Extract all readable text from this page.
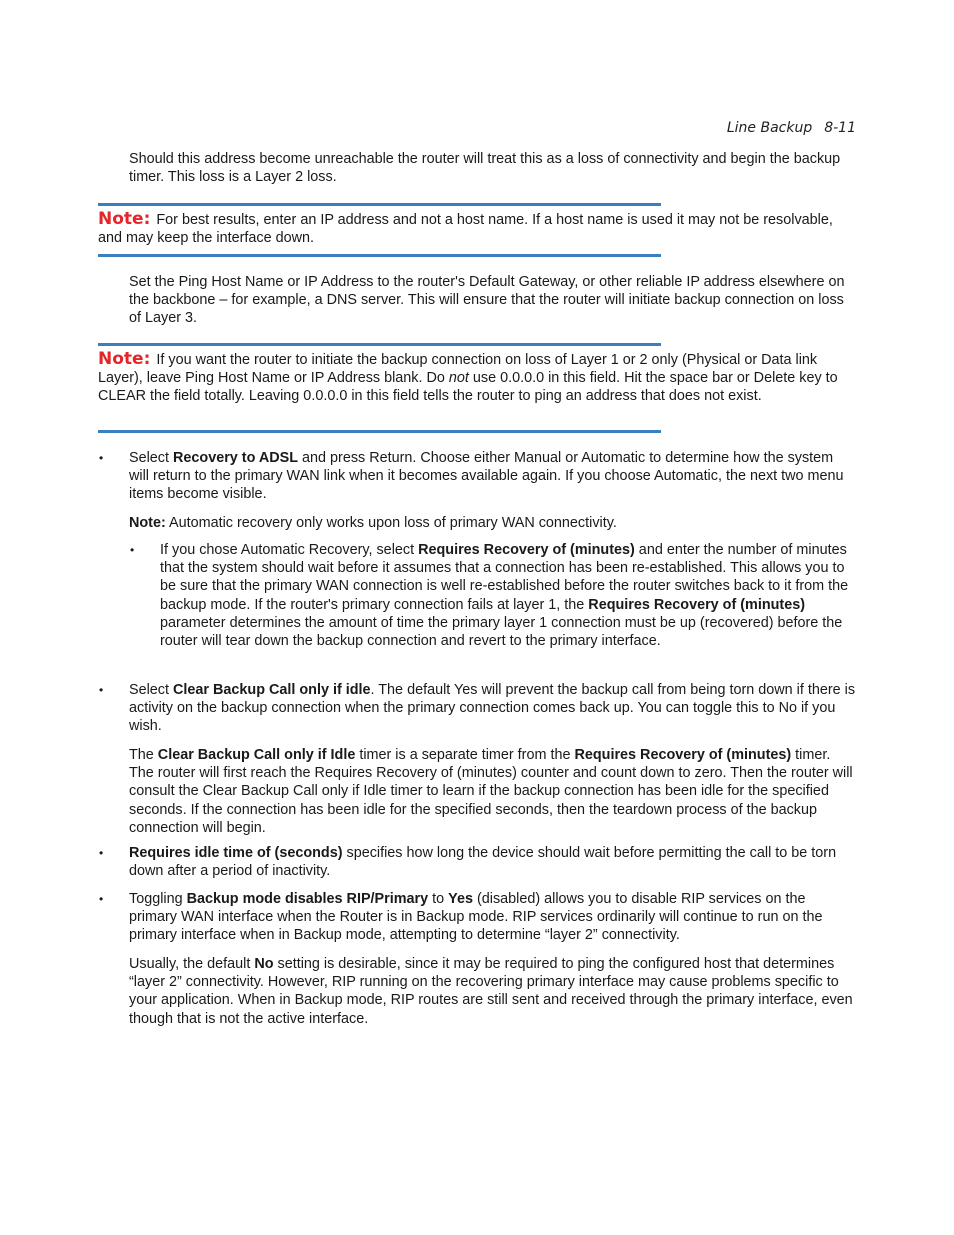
Line Backup 8-11

Should this address become unreachable the router will treat this as a loss of connectivity and begin the backup timer. This loss is a Layer 2 loss.

Note: For best results, enter an IP address and not a host name. If a host name is used it may not be resolvable, and may keep the interface down.

Set the Ping Host Name or IP Address to the router's Default Gateway, or other reliable IP address elsewhere on the backbone – for example, a DNS server. This will ensure that the router will initiate backup connection on loss of Layer 3.

Note: If you want the router to initiate the backup connection on loss of Layer 1 or 2 only (Physical or Data link Layer), leave Ping Host Name or IP Address blank. Do not use 0.0.0.0 in this field. Hit the space bar or Delete key to CLEAR the field totally. Leaving 0.0.0.0 in this field tells the router to ping an address that does not exist.

• Select Recovery to ADSL and press Return. Choose either Manual or Automatic to determine how the system will return to the primary WAN link when it becomes available again. If you choose Automatic, the next two menu items become visible.

Note: Automatic recovery only works upon loss of primary WAN connectivity.

• If you chose Automatic Recovery, select Requires Recovery of (minutes) and enter the number of minutes that the system should wait before it assumes that a connection has been re-established. This allows you to be sure that the primary WAN connection is well re-established before the router switches back to it from the backup mode. If the router's primary connection fails at layer 1, the Requires Recovery of (minutes) parameter determines the amount of time the primary layer 1 connection must be up (recovered) before the router will tear down the backup connection and revert to the primary interface.

• Select Clear Backup Call only if idle. The default Yes will prevent the backup call from being torn down if there is activity on the backup connection when the primary connection comes back up. You can toggle this to No if you wish.

The Clear Backup Call only if Idle timer is a separate timer from the Requires Recovery of (minutes) timer. The router will first reach the Requires Recovery of (minutes) counter and count down to zero. Then the router will consult the Clear Backup Call only if Idle timer to learn if the backup connection has been idle for the specified seconds. If the connection has been idle for the specified seconds, then the teardown process of the backup connection will begin.

• Requires idle time of (seconds) specifies how long the device should wait before permitting the call to be torn down after a period of inactivity.

• Toggling Backup mode disables RIP/Primary to Yes (disabled) allows you to disable RIP services on the primary WAN interface when the Router is in Backup mode. RIP services ordinarily will continue to run on the primary interface when in Backup mode, attempting to determine “layer 2” connectivity.

Usually, the default No setting is desirable, since it may be required to ping the configured host that determines “layer 2” connectivity. However, RIP running on the recovering primary interface may cause problems specific to your application. When in Backup mode, RIP routes are still sent and received through the primary interface, even though that is not the active interface.
